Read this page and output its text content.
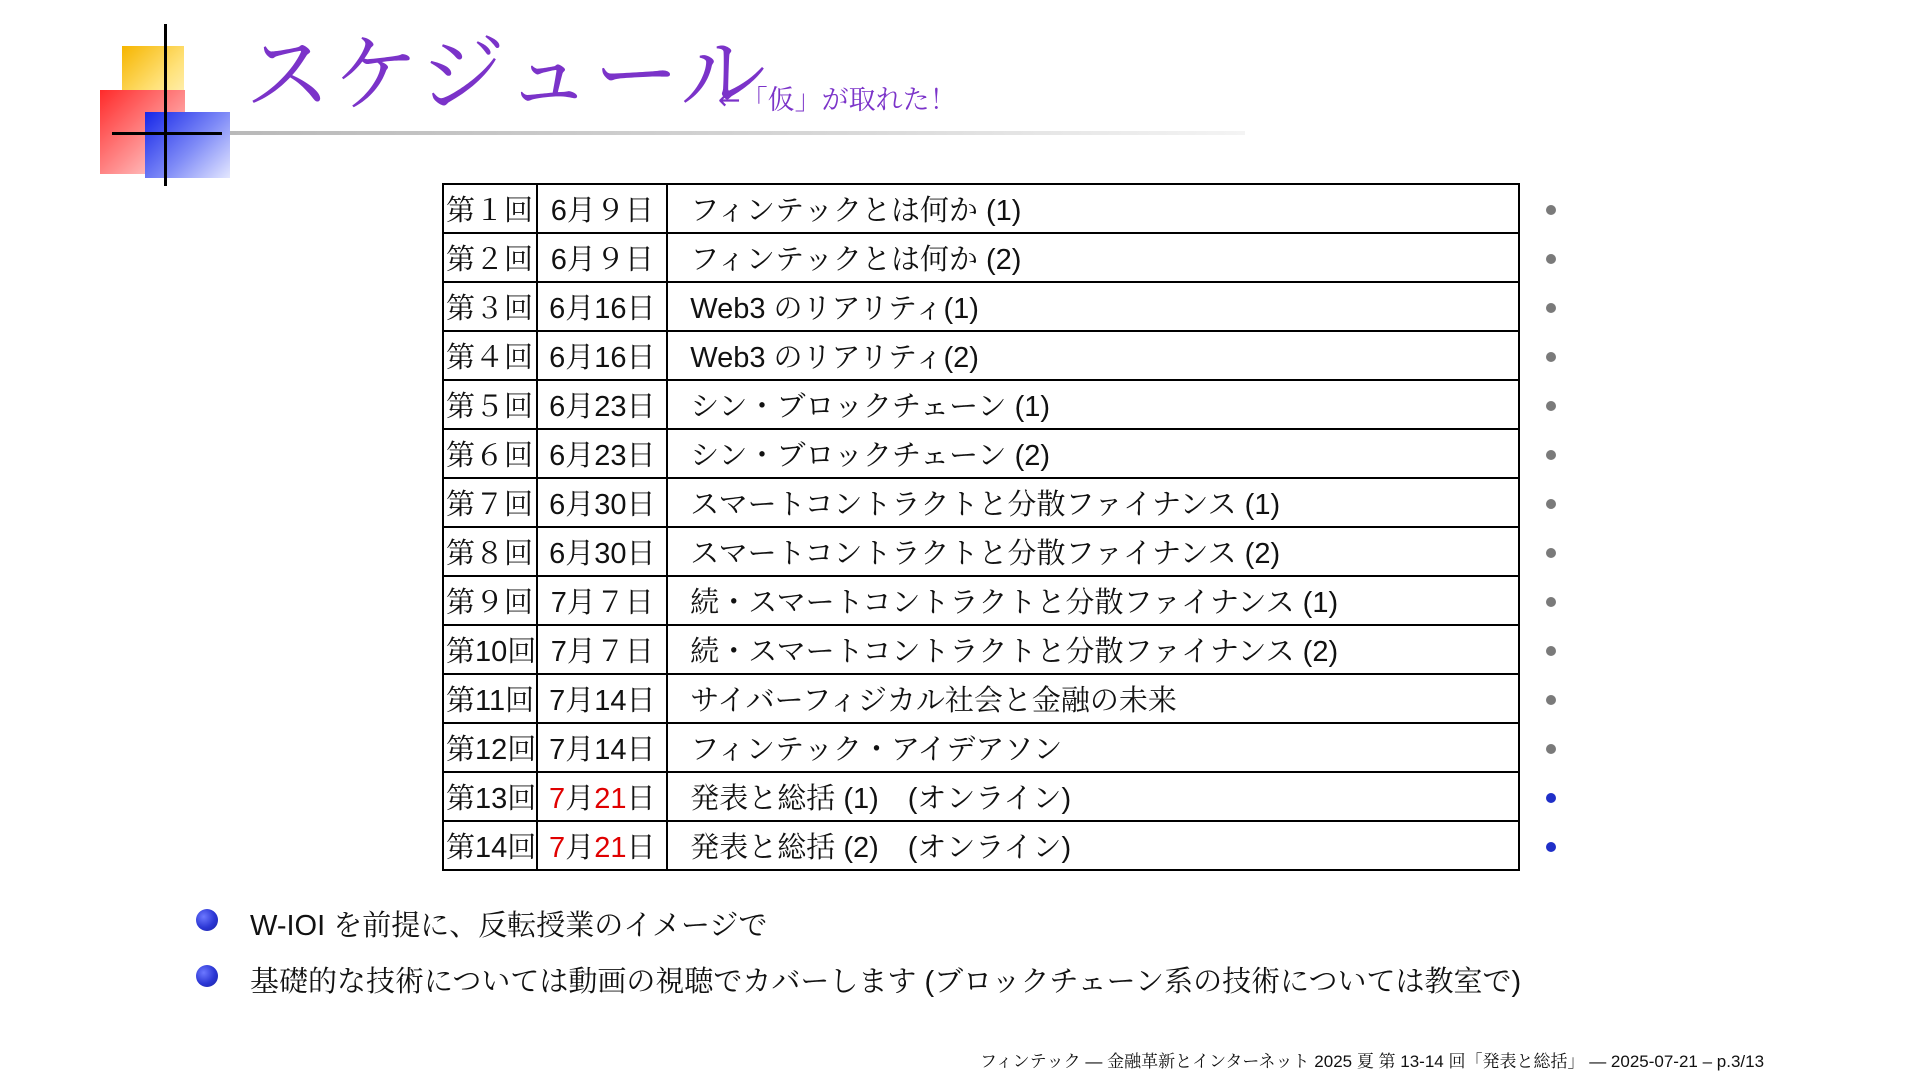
スケジュール
←「仮」が取れた！
第１回	6月９日	フィンテックとは何か (1)
第２回	6月９日	フィンテックとは何か (2)
第３回	6月16日	Web3 のリアリティ(1)
第４回	6月16日	Web3 のリアリティ(2)
第５回	6月23日	シン・ブロックチェーン (1)
第６回	6月23日	シン・ブロックチェーン (2)
第７回	6月30日	スマートコントラクトと分散ファイナンス (1)
第８回	6月30日	スマートコントラクトと分散ファイナンス (2)
第９回	7月７日	続・スマートコントラクトと分散ファイナンス (1)
第10回	7月７日	続・スマートコントラクトと分散ファイナンス (2)
第11回	7月14日	サイバーフィジカル社会と金融の未来
第12回	7月14日	フィンテック・アイデアソン
第13回	7月21日	発表と総括 (1)　(オンライン)
第14回	7月21日	発表と総括 (2)　(オンライン)
W-IOI を前提に、反転授業のイメージで
基礎的な技術については動画の視聴でカバーします (ブロックチェーン系の技術については教室で)
フィンテック — 金融革新とインターネット 2025 夏 第 13-14 回「発表と総括」 — 2025-07-21 – p.3/13
